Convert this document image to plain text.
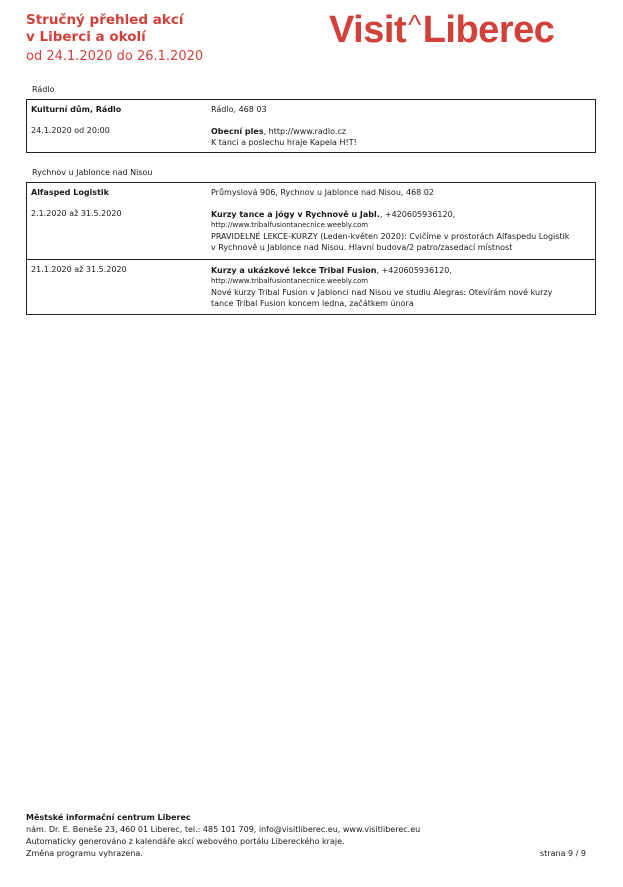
Stručný přehled akcí
v Liberci a okolí
od 24.1.2020 do 26.1.2020
Visit^Liberec
Rádlo
Kulturní dům, Rádlo	Rádlo, 468 03
24.1.2020 od 20:00	Obecní ples, http://www.radlo.cz
K tanci a poslechu hraje Kapela H!T!
Rychnov u Jablonce nad Nisou
Alfasped Logistik	Průmyslová 906, Rychnov u Jablonce nad Nisou, 468 02
2.1.2020 až 31.5.2020	Kurzy tance a jógy v Rychnově u Jabl., +420605936120,
http://www.tribalfusiontanecnice.weebly.com
PRAVIDELNÉ LEKCE-KURZY (Leden-květen 2020): Cvičíme v prostorách Alfaspedu Logistik
v Rychnově u Jablonce nad Nisou. Hlavní budova/2 patro/zasedací místnost
21.1.2020 až 31.5.2020	Kurzy a ukázkové lekce Tribal Fusion, +420605936120,
http://www.tribalfusiontanecnice.weebly.com
Nové kurzy Tribal Fusion v Jablonci nad Nisou ve studiu Alegras: Otevírám nové kurzy
tance Tribal Fusion koncem ledna, začátkem února
Městské informační centrum Liberec
nám. Dr. E. Beneše 23, 460 01 Liberec, tel.: 485 101 709, info@visitliberec.eu, www.visitliberec.eu
Automaticky generováno z kalendáře akcí webového portálu Libereckého kraje.
Změna programu vyhrazena.	strana 9 / 9
